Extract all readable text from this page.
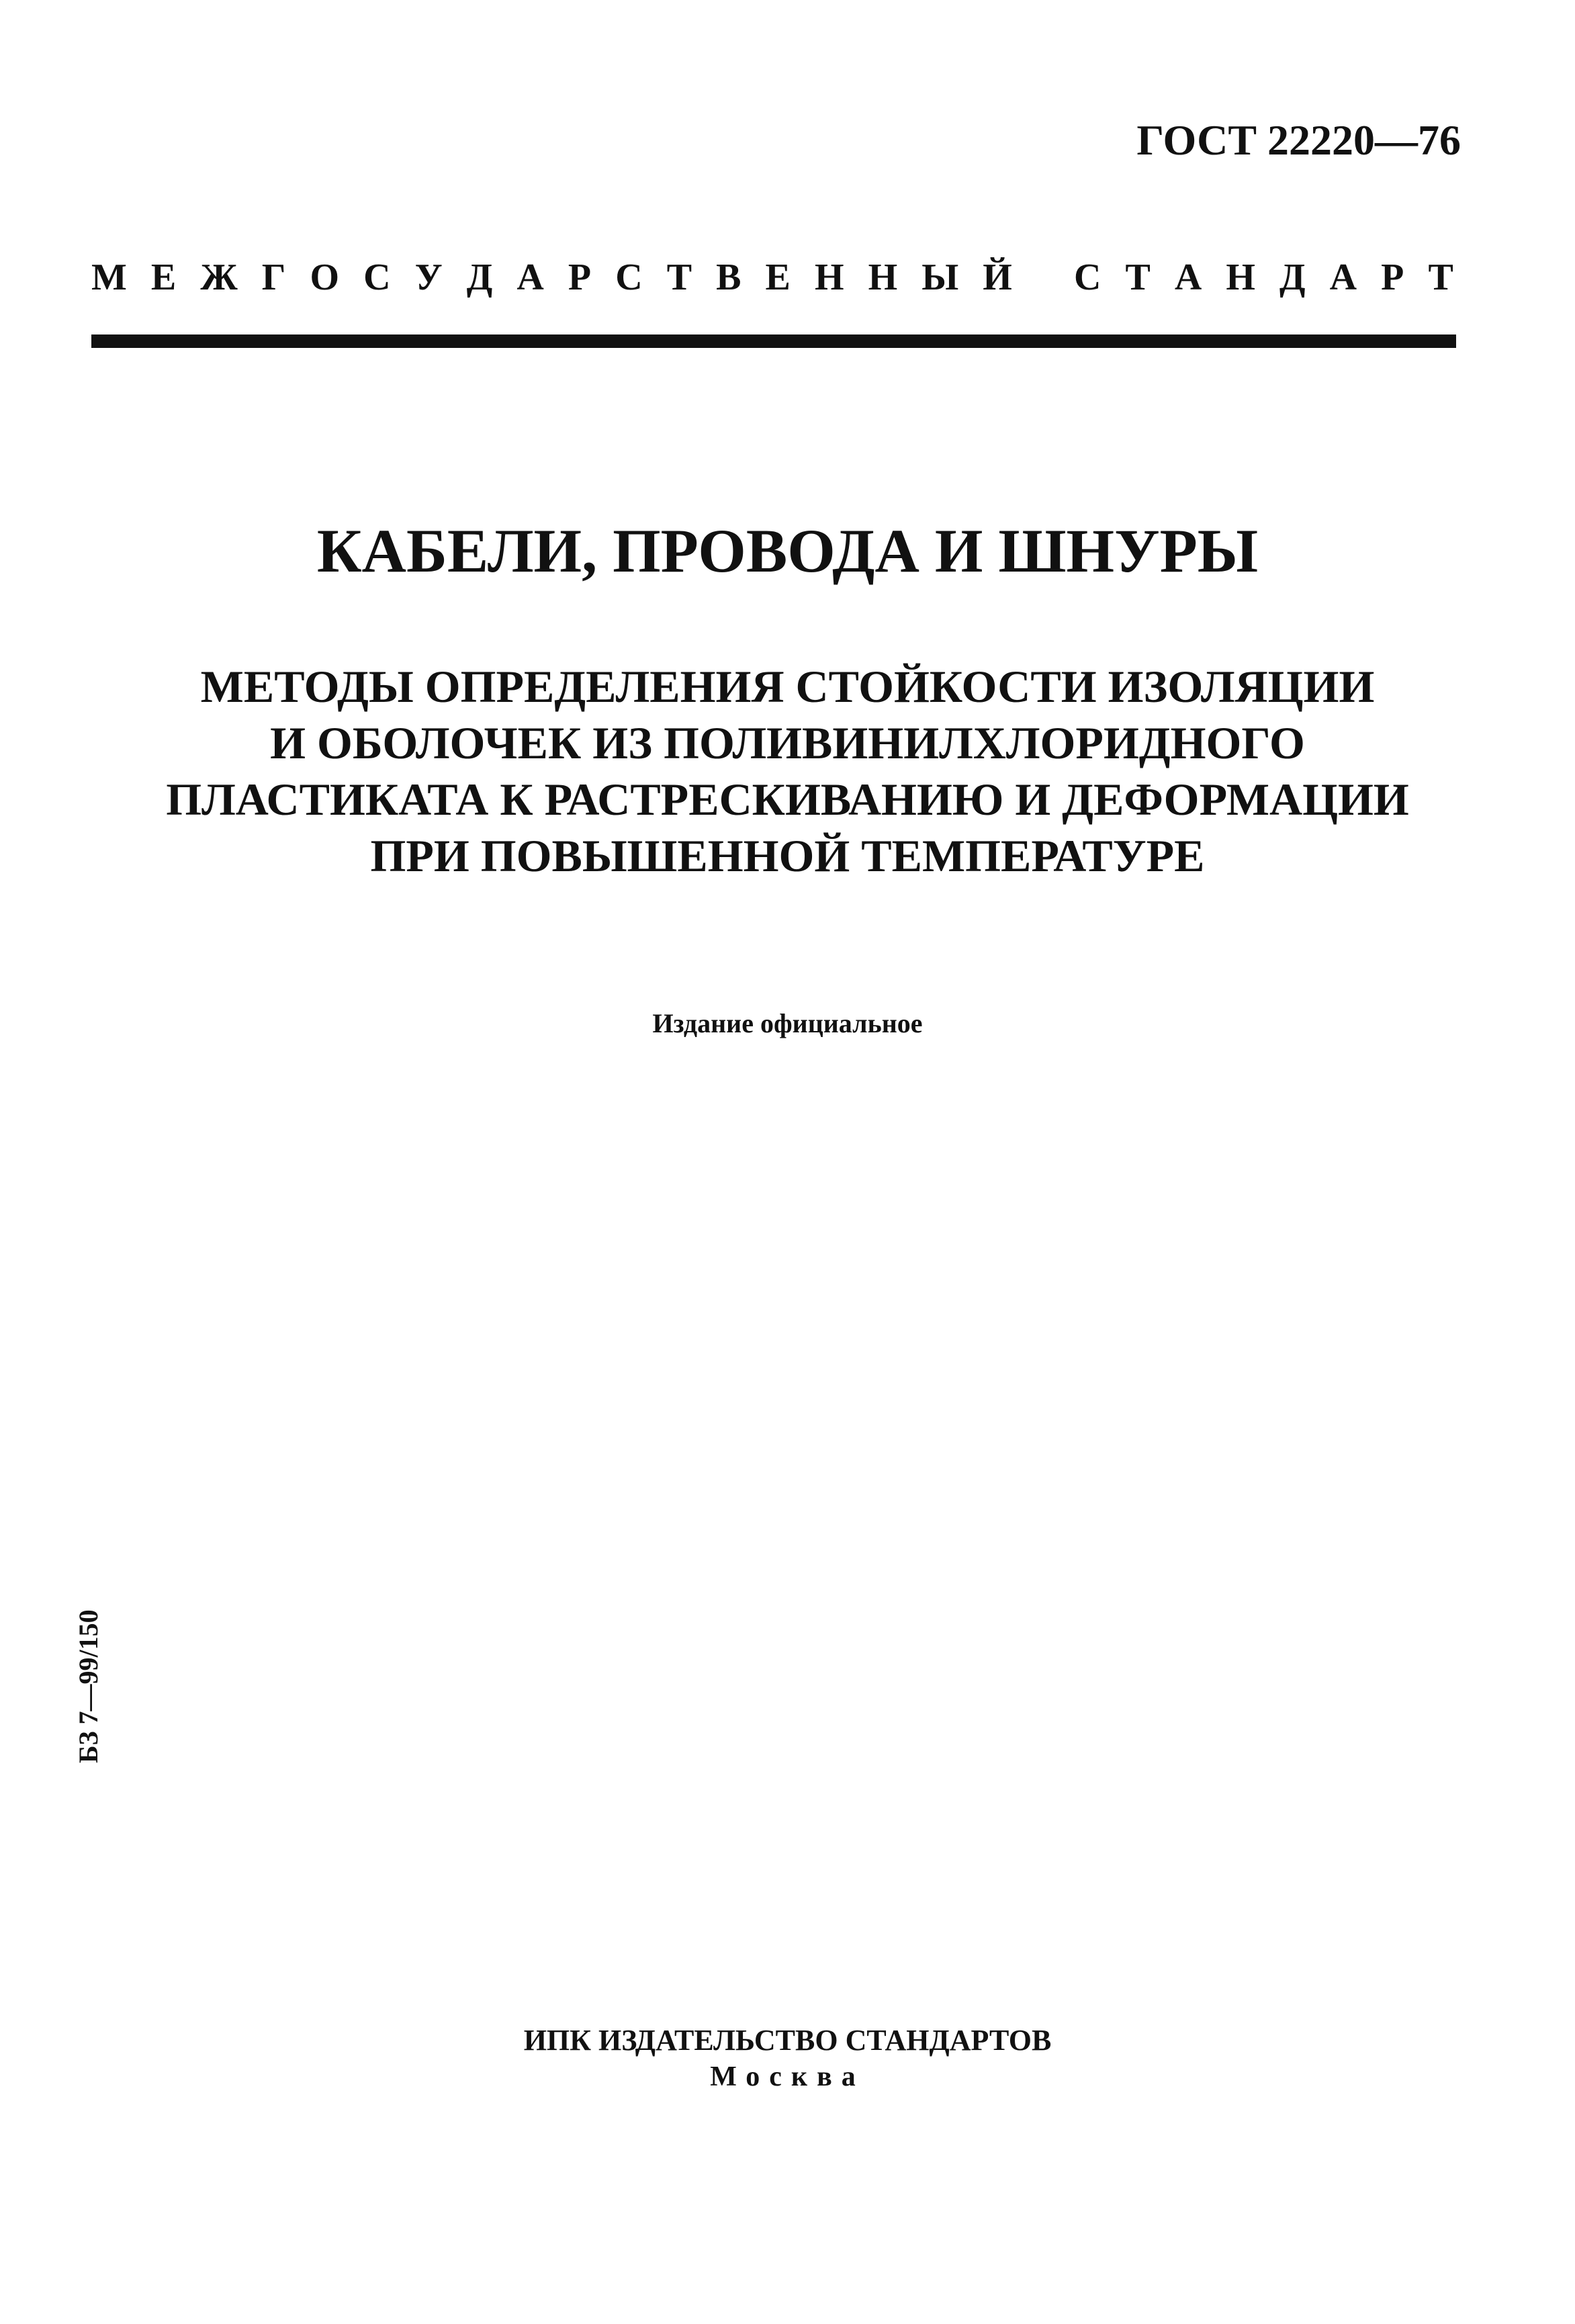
ГОСТ 22220—76
М Е Ж Г О С У Д А Р С Т В Е Н Н Ы Й С Т А Н Д А Р Т
КАБЕЛИ, ПРОВОДА И ШНУРЫ
МЕТОДЫ ОПРЕДЕЛЕНИЯ СТОЙКОСТИ ИЗОЛЯЦИИ
И ОБОЛОЧЕК ИЗ ПОЛИВИНИЛХЛОРИДНОГО
ПЛАСТИКАТА К РАСТРЕСКИВАНИЮ И ДЕФОРМАЦИИ
ПРИ ПОВЫШЕННОЙ ТЕМПЕРАТУРЕ
Издание официальное
БЗ 7—99/150
ИПК ИЗДАТЕЛЬСТВО СТАНДАРТОВ
Москва
